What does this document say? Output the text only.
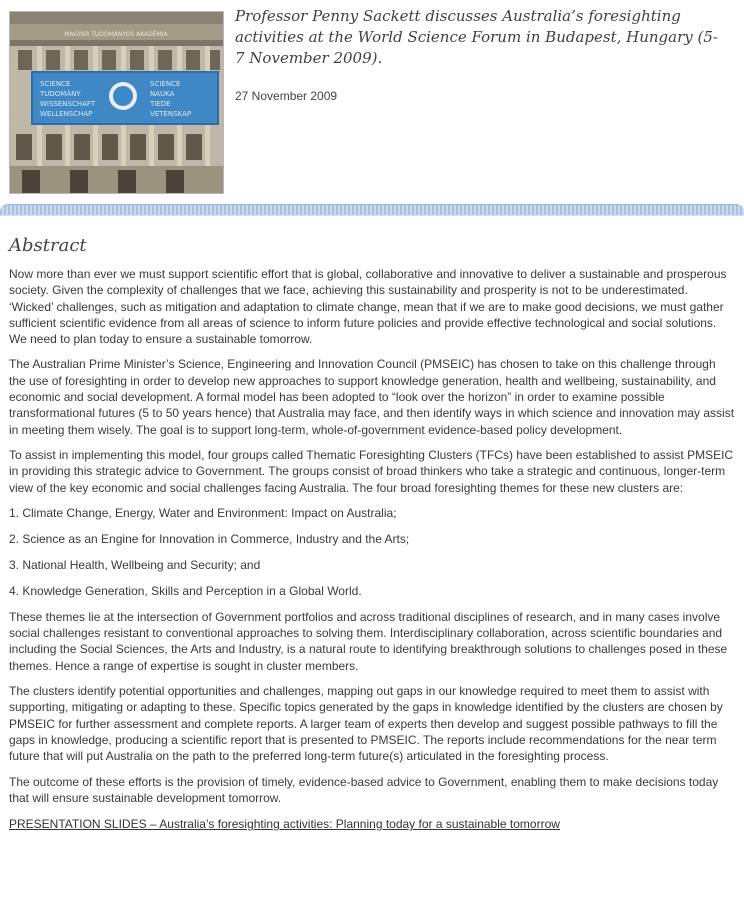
MAGYAR TUDOMÁNYOS AKADÉMIA
SCIENCE
TUDOMÁNY
WISSENSCHAFT
WELLENSCHAP
SCIENCE
NAUKA
TIEDE
VETENSKAP
Professor Penny Sackett discusses Australia’s foresighting activities at the World Science Forum in Budapest, Hungary (5-7 November 2009).
27 November 2009
Abstract

Now more than ever we must support scientific effort that is global, collaborative and innovative to deliver a sustainable and prosperous society. Given the complexity of challenges that we face, achieving this sustainability and prosperity is not to be underestimated. ‘Wicked’ challenges, such as mitigation and adaptation to climate change, mean that if we are to make good decisions, we must gather sufficient scientific evidence from all areas of science to inform future policies and provide effective technological and social solutions. We need to plan today to ensure a sustainable tomorrow.

The Australian Prime Minister’s Science, Engineering and Innovation Council (PMSEIC) has chosen to take on this challenge through the use of foresighting in order to develop new approaches to support knowledge generation, health and wellbeing, sustainability, and economic and social development. A formal model has been adopted to “look over the horizon” in order to examine possible transformational futures (5 to 50 years hence) that Australia may face, and then identify ways in which science and innovation may assist in meeting them wisely. The goal is to support long-term, whole-of-government evidence-based policy development.

To assist in implementing this model, four groups called Thematic Foresighting Clusters (TFCs) have been established to assist PMSEIC in providing this strategic advice to Government. The groups consist of broad thinkers who take a strategic and continuous, longer-term view of the key economic and social challenges facing Australia. The four broad foresighting themes for these new clusters are:

1. Climate Change, Energy, Water and Environment: Impact on Australia;
2. Science as an Engine for Innovation in Commerce, Industry and the Arts;
3. National Health, Wellbeing and Security; and
4. Knowledge Generation, Skills and Perception in a Global World.

These themes lie at the intersection of Government portfolios and across traditional disciplines of research, and in many cases involve social challenges resistant to conventional approaches to solving them. Interdisciplinary collaboration, across scientific boundaries and including the Social Sciences, the Arts and Industry, is a natural route to identifying breakthrough solutions to challenges posed in these themes. Hence a range of expertise is sought in cluster members.

The clusters identify potential opportunities and challenges, mapping out gaps in our knowledge required to meet them to assist with supporting, mitigating or adapting to these. Specific topics generated by the gaps in knowledge identified by the clusters are chosen by PMSEIC for further assessment and complete reports. A larger team of experts then develop and suggest possible pathways to fill the gaps in knowledge, producing a scientific report that is presented to PMSEIC. The reports include recommendations for the near term future that will put Australia on the path to the preferred long-term future(s) articulated in the foresighting process.

The outcome of these efforts is the provision of timely, evidence-based advice to Government, enabling them to make decisions today that will ensure sustainable development tomorrow.

PRESENTATION SLIDES – Australia’s foresighting activities: Planning today for a sustainable tomorrow
